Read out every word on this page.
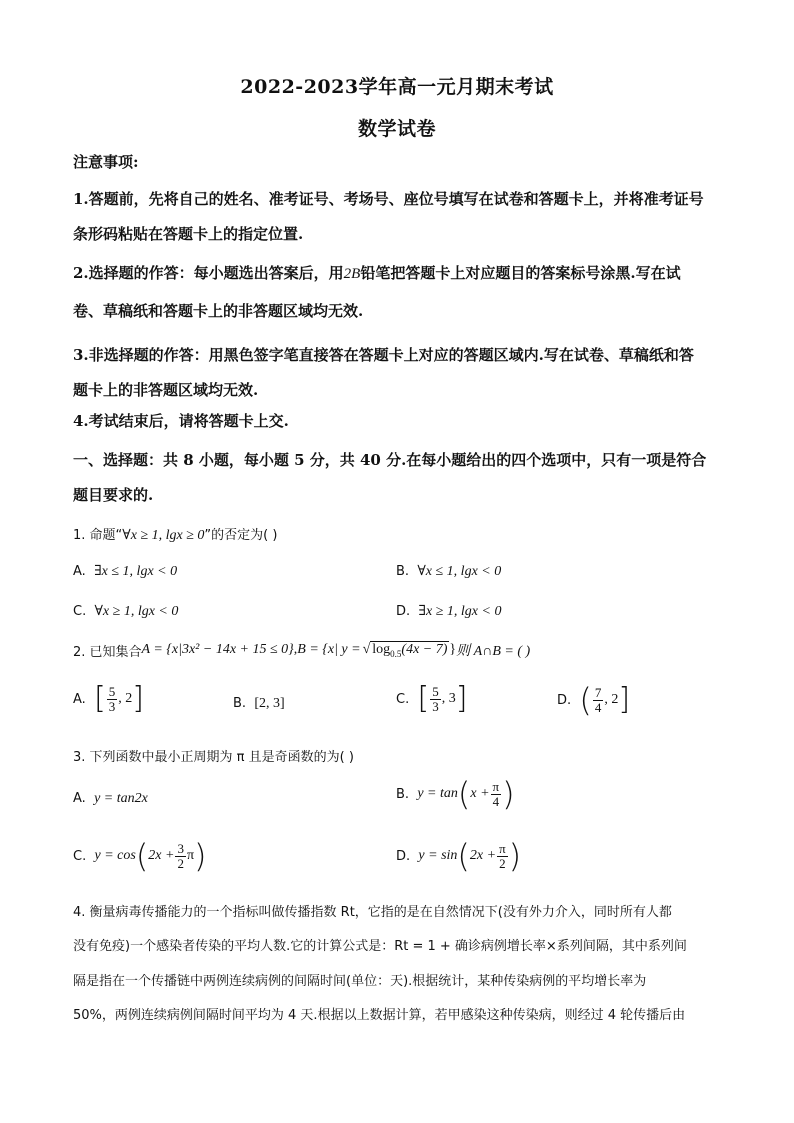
2022-2023学年高一元月期末考试
数学试卷
注意事项:
1.答题前，先将自己的姓名、准考证号、考场号、座位号填写在试卷和答题卡上，并将准考证号
条形码粘贴在答题卡上的指定位置.
2.选择题的作答：每小题选出答案后，用2B铅笔把答题卡上对应题目的答案标号涂黑.写在试
卷、草稿纸和答题卡上的非答题区域均无效.
3.非选择题的作答：用黑色签字笔直接答在答题卡上对应的答题区域内.写在试卷、草稿纸和答
题卡上的非答题区域均无效.
4.考试结束后，请将答题卡上交.
一、选择题：共 8 小题，每小题 5 分，共 40 分.在每小题给出的四个选项中，只有一项是符合
题目要求的.
1. 命题“∀x ≥ 1, lgx ≥ 0”的否定为( )
A. ∃x ≤ 1, lgx < 0	B. ∀x ≤ 1, lgx < 0
C. ∀x ≥ 1, lgx < 0	D. ∃x ≥ 1, lgx < 0
2. 已知集合 A = {x|3x² − 14x + 15 ≤ 0} , B = {x| y = √ $\log_{0.5}(4x - 7)$ } 则 A∩B = ( )
A.
[ $\frac{5}{3}$ , 2 ]	B. [2, 3]	C.
[ $\frac{5}{3}$ , 3 ]	D.
( $\frac{7}{4}$ , 2 ]
3. 下列函数中最小正周期为 π 且是奇函数的为( )
A. y = tan2x	B.
y = tan ( $x + \frac{\pi}{4}$ )
C.
y = cos ( $2x + \frac{3}{2}$ π )	D.
y = sin ( $2x + \frac{\pi}{2}$ )
4. 衡量病毒传播能力的一个指标叫做传播指数 Rt，它指的是在自然情况下(没有外力介入，同时所有人都
没有免疫)一个感染者传染的平均人数.它的计算公式是：Rt = 1 + 确诊病例增长率×系列间隔，其中系列间
隔是指在一个传播链中两例连续病例的间隔时间(单位：天).根据统计，某种传染病例的平均增长率为
50%，两例连续病例间隔时间平均为 4 天.根据以上数据计算，若甲感染这种传染病，则经过 4 轮传播后由
